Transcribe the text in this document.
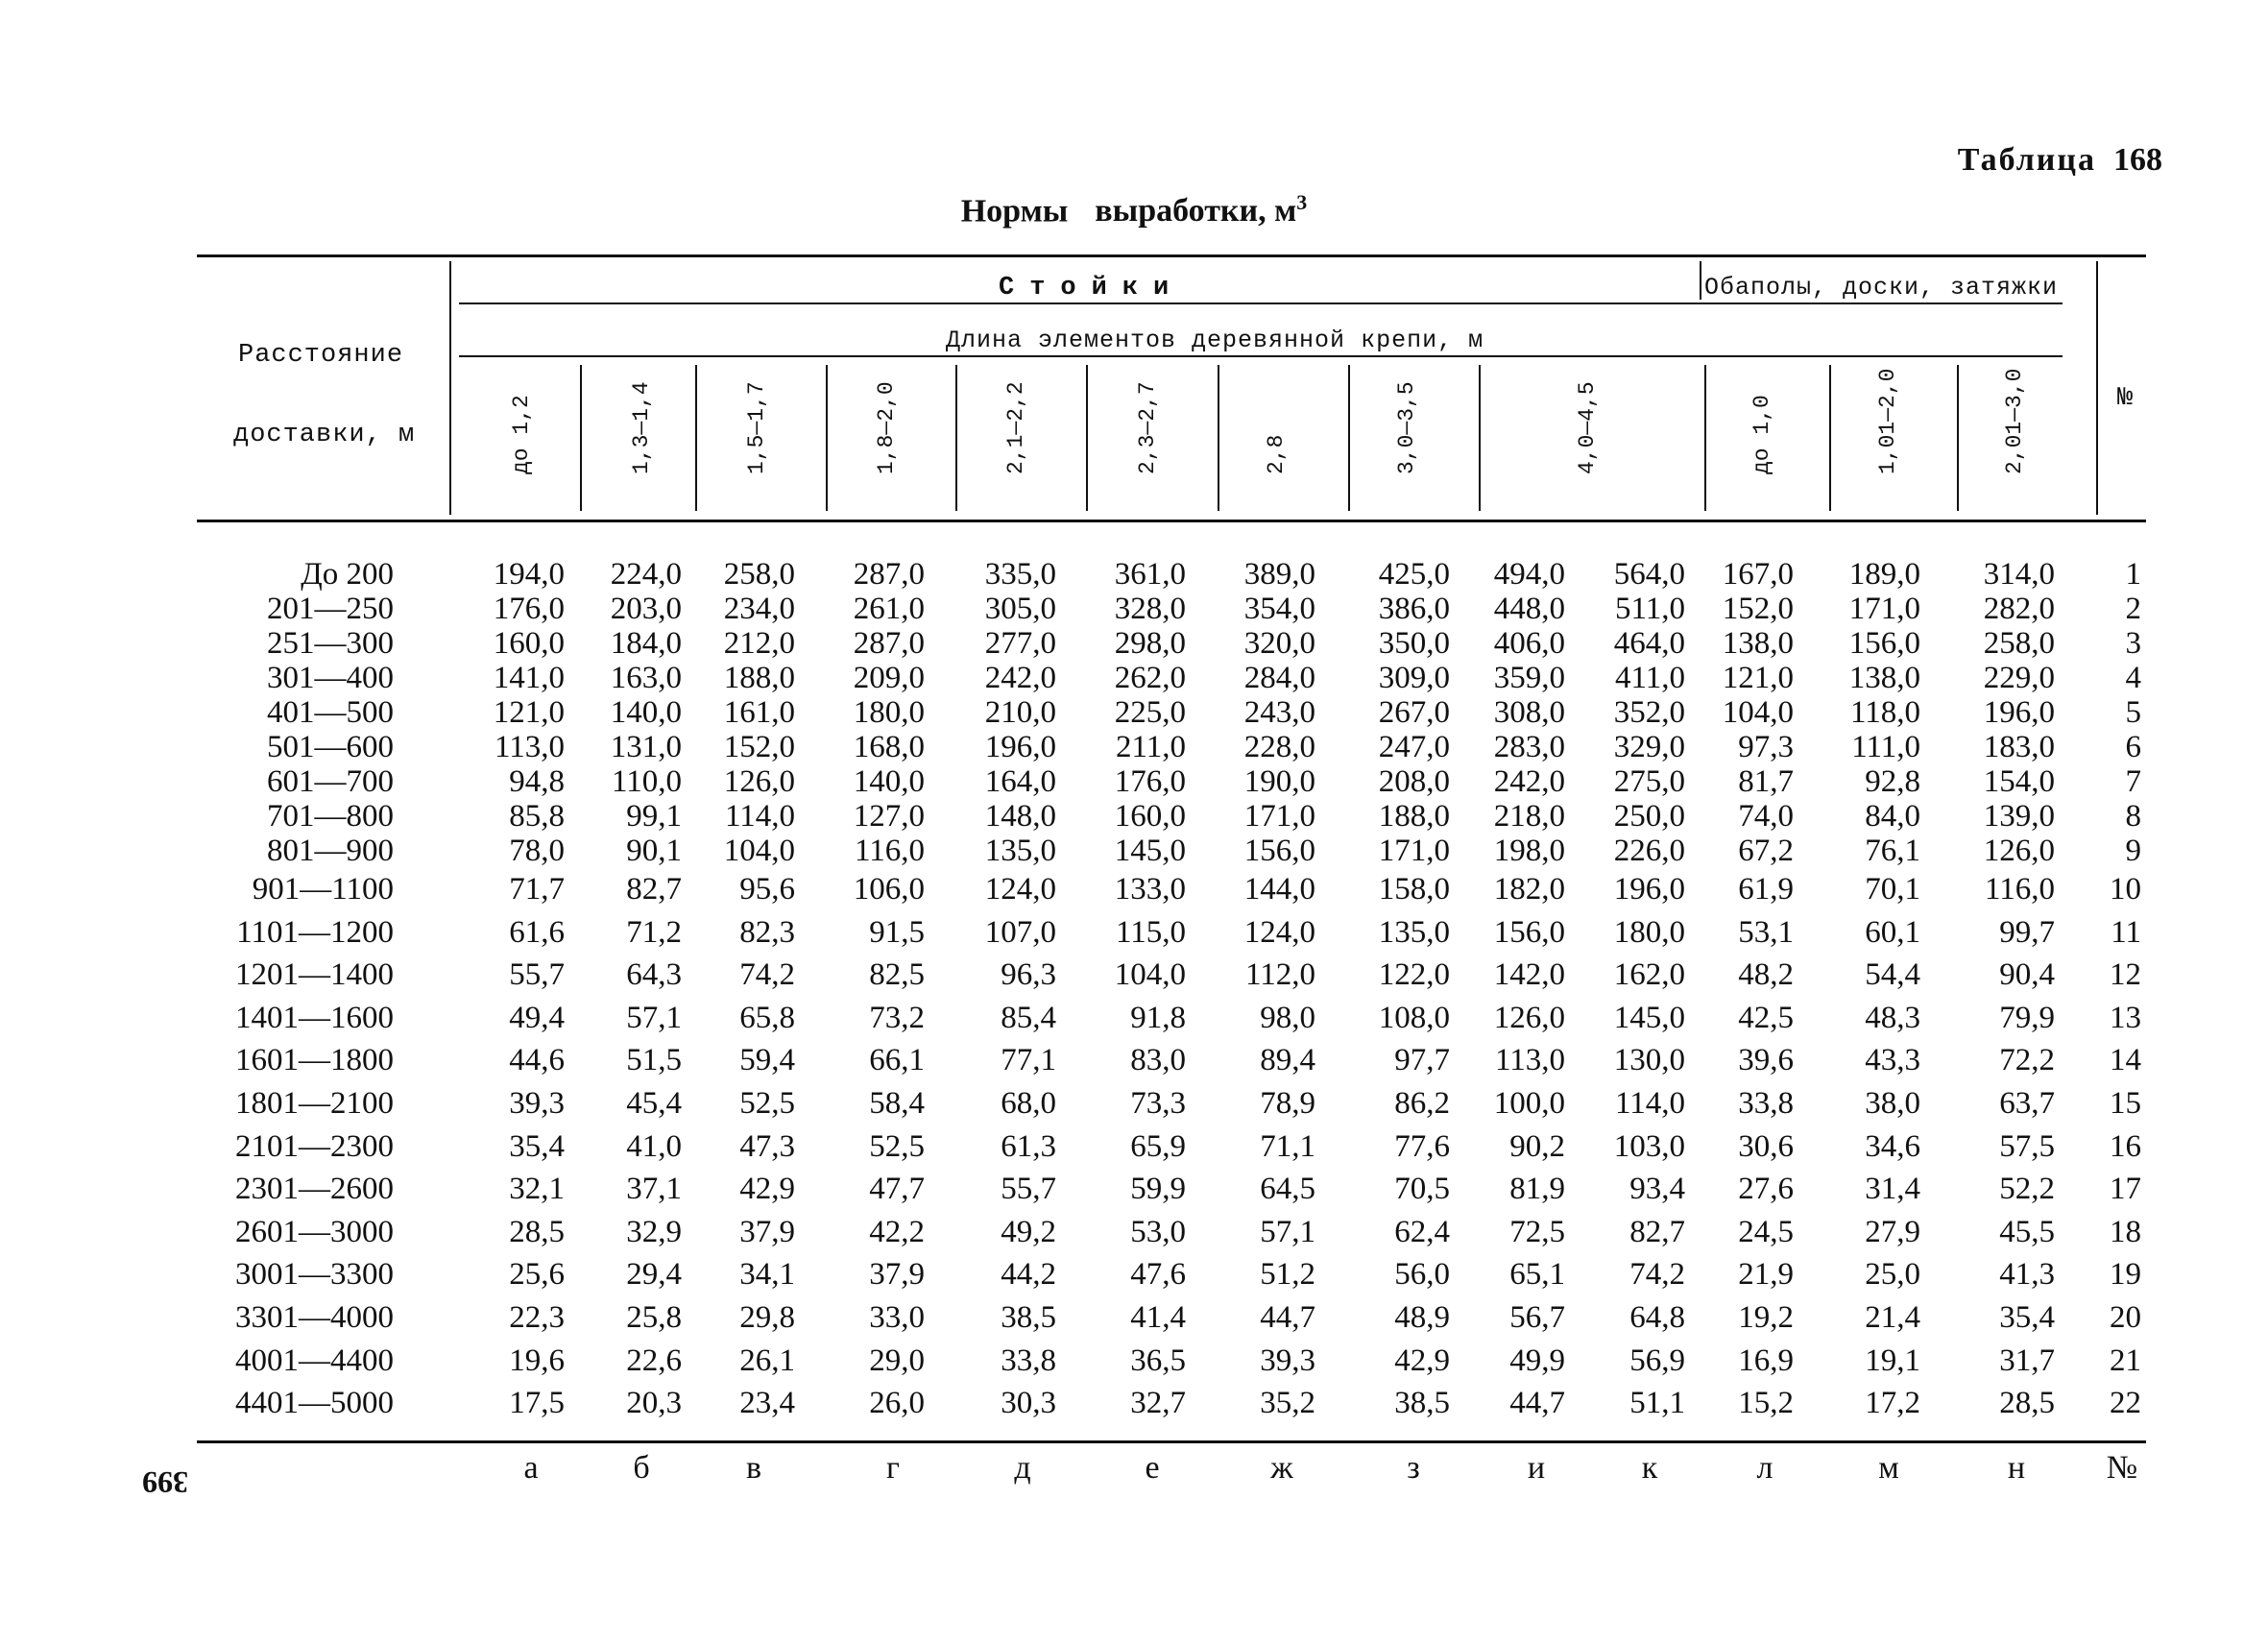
Таблица 168
Нормы выработки, $м^3$
Расстояние
доставки, м
Стойки	Обаполы, доски, затяжки
Длина элементов деревянной крепи, м
№
до 1,2	1,3—1,4	1,5—1,7	1,8—2,0	2,1—2,2	2,3—2,7	2,8	3,0—3,5	4,0—4,5	до 1,0	1,01—2,0	2,01—3,0
До 200	194,0	224,0	258,0	287,0	335,0	361,0	389,0	425,0	494,0	564,0	167,0	189,0	314,0	1
201—250	176,0	203,0	234,0	261,0	305,0	328,0	354,0	386,0	448,0	511,0	152,0	171,0	282,0	2
251—300	160,0	184,0	212,0	287,0	277,0	298,0	320,0	350,0	406,0	464,0	138,0	156,0	258,0	3
301—400	141,0	163,0	188,0	209,0	242,0	262,0	284,0	309,0	359,0	411,0	121,0	138,0	229,0	4
401—500	121,0	140,0	161,0	180,0	210,0	225,0	243,0	267,0	308,0	352,0	104,0	118,0	196,0	5
501—600	113,0	131,0	152,0	168,0	196,0	211,0	228,0	247,0	283,0	329,0	97,3	111,0	183,0	6
601—700	94,8	110,0	126,0	140,0	164,0	176,0	190,0	208,0	242,0	275,0	81,7	92,8	154,0	7
701—800	85,8	99,1	114,0	127,0	148,0	160,0	171,0	188,0	218,0	250,0	74,0	84,0	139,0	8
801—900	78,0	90,1	104,0	116,0	135,0	145,0	156,0	171,0	198,0	226,0	67,2	76,1	126,0	9
901—1100	71,7	82,7	95,6	106,0	124,0	133,0	144,0	158,0	182,0	196,0	61,9	70,1	116,0	10
1101—1200	61,6	71,2	82,3	91,5	107,0	115,0	124,0	135,0	156,0	180,0	53,1	60,1	99,7	11
1201—1400	55,7	64,3	74,2	82,5	96,3	104,0	112,0	122,0	142,0	162,0	48,2	54,4	90,4	12
1401—1600	49,4	57,1	65,8	73,2	85,4	91,8	98,0	108,0	126,0	145,0	42,5	48,3	79,9	13
1601—1800	44,6	51,5	59,4	66,1	77,1	83,0	89,4	97,7	113,0	130,0	39,6	43,3	72,2	14
1801—2100	39,3	45,4	52,5	58,4	68,0	73,3	78,9	86,2	100,0	114,0	33,8	38,0	63,7	15
2101—2300	35,4	41,0	47,3	52,5	61,3	65,9	71,1	77,6	90,2	103,0	30,6	34,6	57,5	16
2301—2600	32,1	37,1	42,9	47,7	55,7	59,9	64,5	70,5	81,9	93,4	27,6	31,4	52,2	17
2601—3000	28,5	32,9	37,9	42,2	49,2	53,0	57,1	62,4	72,5	82,7	24,5	27,9	45,5	18
3001—3300	25,6	29,4	34,1	37,9	44,2	47,6	51,2	56,0	65,1	74,2	21,9	25,0	41,3	19
3301—4000	22,3	25,8	29,8	33,0	38,5	41,4	44,7	48,9	56,7	64,8	19,2	21,4	35,4	20
4001—4400	19,6	22,6	26,1	29,0	33,8	36,5	39,3	42,9	49,9	56,9	16,9	19,1	31,7	21
4401—5000	17,5	20,3	23,4	26,0	30,3	32,7	35,2	38,5	44,7	51,1	15,2	17,2	28,5	22
а	б	в	г	д	е	ж	з	и	к	л	м	н	№
399
